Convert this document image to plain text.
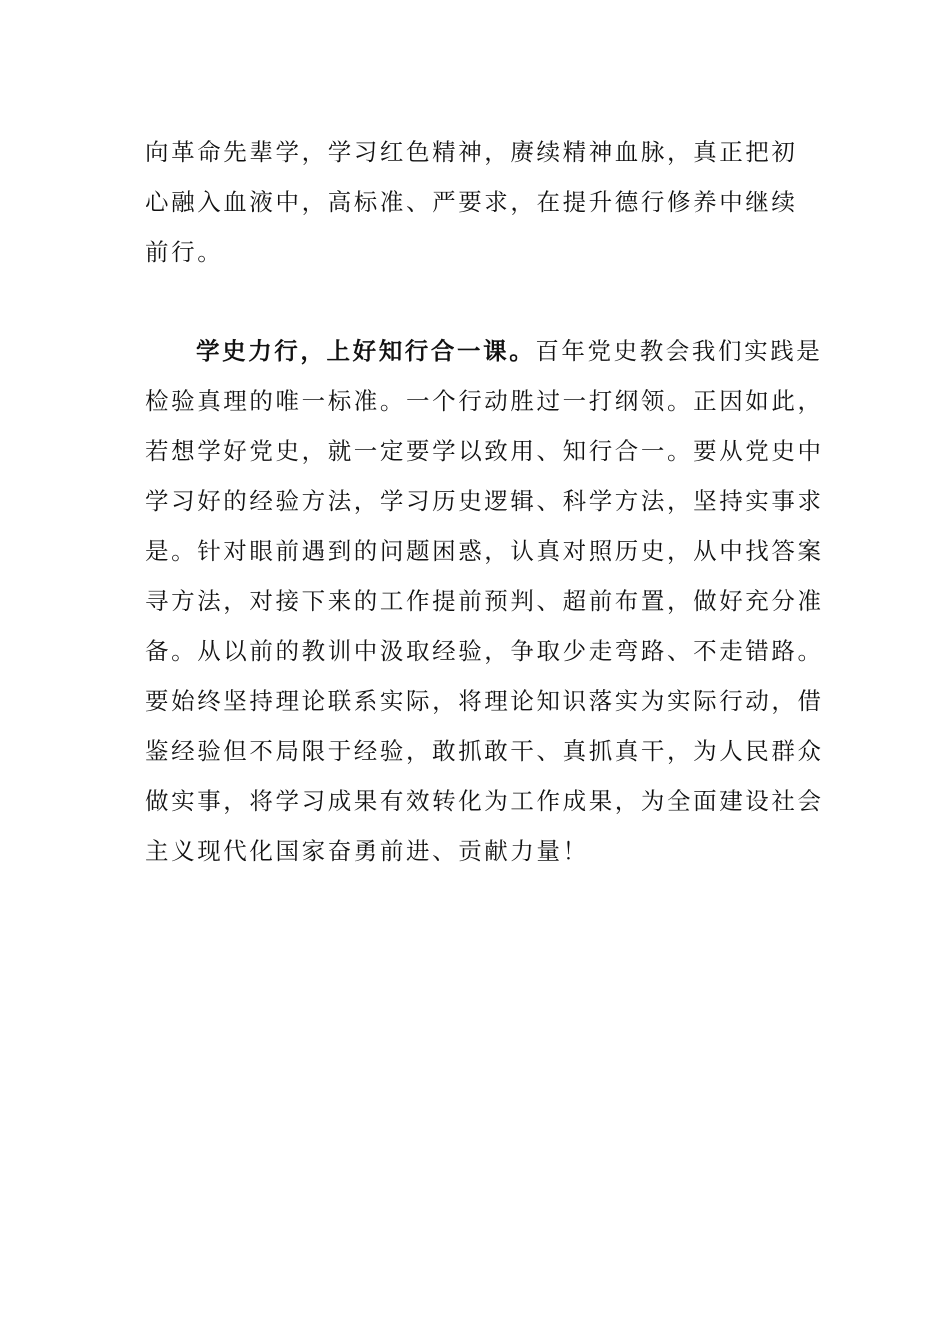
向革命先辈学，学习红色精神，赓续精神血脉，真正把初
心融入血液中，高标准、严要求，在提升德行修养中继续
前行。
学史力行，上好知行合一课。百年党史教会我们实践是
检验真理的唯一标准。一个行动胜过一打纲领。正因如此，
若想学好党史，就一定要学以致用、知行合一。要从党史中
学习好的经验方法，学习历史逻辑、科学方法，坚持实事求
是。针对眼前遇到的问题困惑，认真对照历史，从中找答案
寻方法，对接下来的工作提前预判、超前布置，做好充分准
备。从以前的教训中汲取经验，争取少走弯路、不走错路。
要始终坚持理论联系实际，将理论知识落实为实际行动，借
鉴经验但不局限于经验，敢抓敢干、真抓真干，为人民群众
做实事，将学习成果有效转化为工作成果，为全面建设社会
主义现代化国家奋勇前进、贡献力量！
